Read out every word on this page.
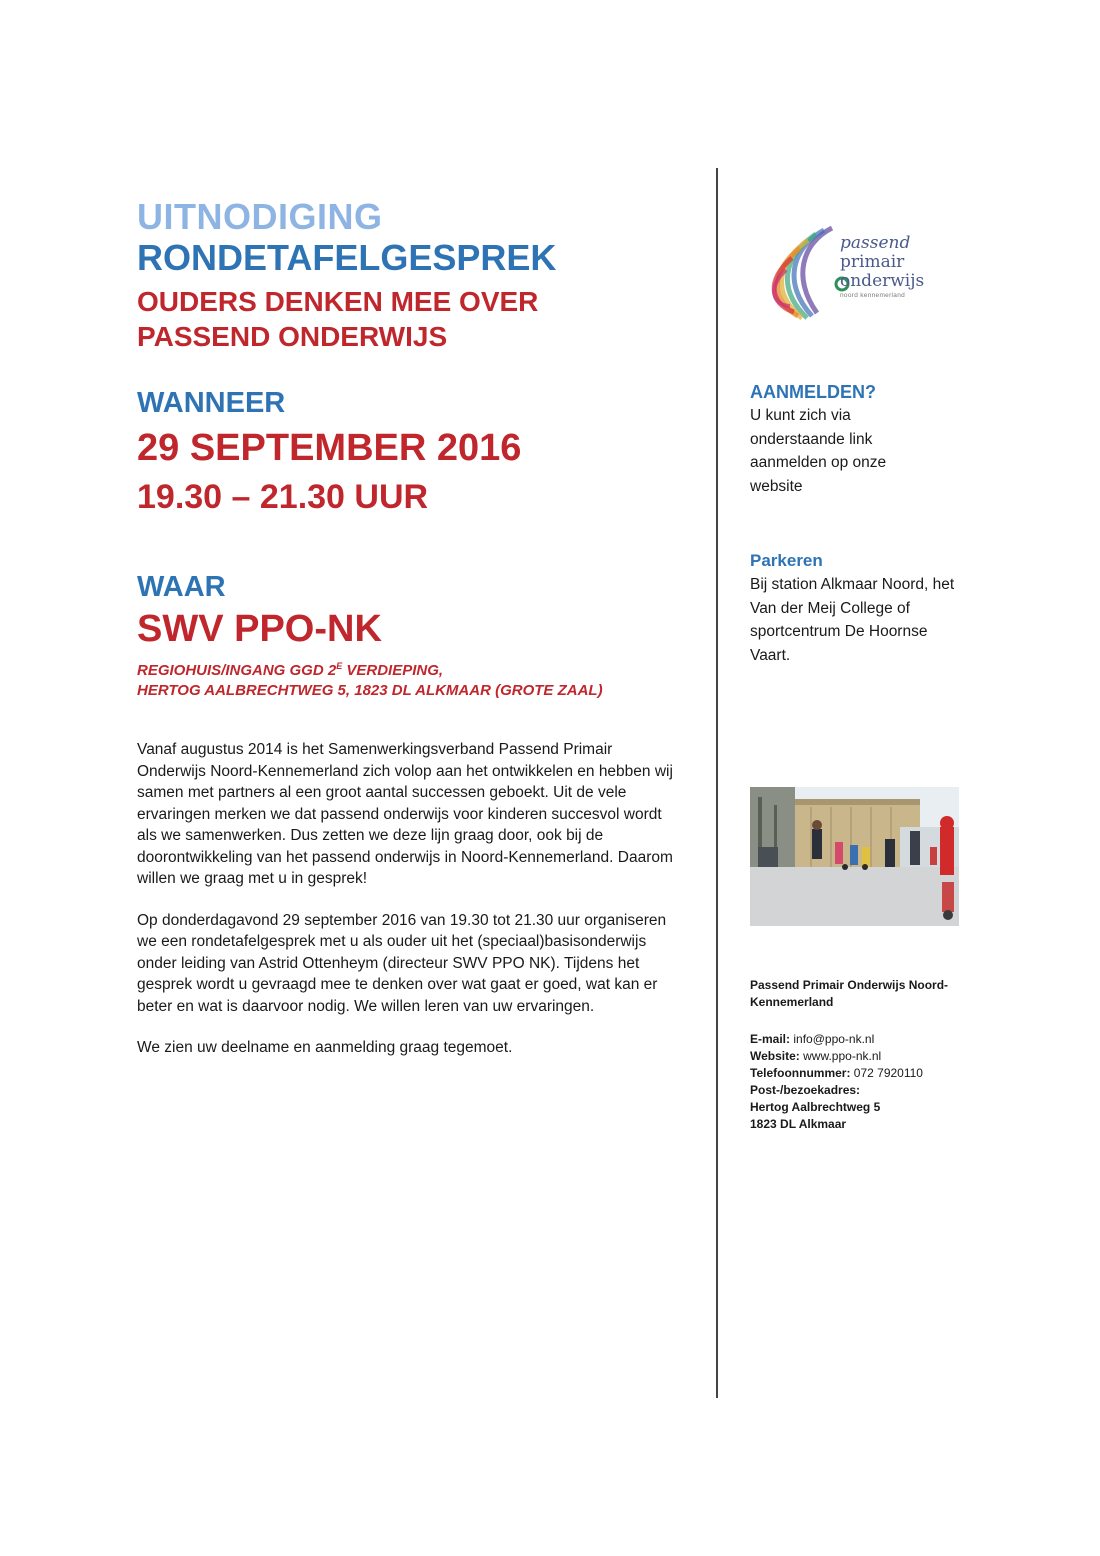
UITNODIGING
RONDETAFELGESPREK
OUDERS DENKEN MEE OVER
PASSEND ONDERWIJS
WANNEER
29 SEPTEMBER 2016
19.30 – 21.30 UUR
WAAR
SWV PPO-NK
REGIOHUIS/INGANG GGD $2^E$ VERDIEPING,
HERTOG AALBRECHTWEG 5, 1823 DL ALKMAAR (GROTE ZAAL)

Vanaf augustus 2014 is het Samenwerkingsverband Passend Primair Onderwijs Noord-Kennemerland zich volop aan het ontwikkelen en hebben wij samen met partners al een groot aantal successen geboekt. Uit de vele ervaringen merken we dat passend onderwijs voor kinderen succesvol wordt als we samenwerken. Dus zetten we deze lijn graag door, ook bij de doorontwikkeling van het passend onderwijs in Noord-Kennemerland. Daarom willen we graag met u in gesprek!

Op donderdagavond 29 september 2016 van 19.30 tot 21.30 uur organiseren we een rondetafelgesprek met u als ouder uit het (speciaal)basisonderwijs onder leiding van Astrid Ottenheym (directeur SWV PPO NK). Tijdens het gesprek wordt u gevraagd mee te denken over wat gaat er goed, wat kan er beter en wat is daarvoor nodig. We willen leren van uw ervaringen.

We zien uw deelname en aanmelding graag tegemoet.

passend
primair
onderwijs
noord kennemerland
AANMELDEN?
U kunt zich via onderstaande link aanmelden op onze website
Parkeren
Bij station Alkmaar Noord, het Van der Meij College of sportcentrum De Hoornse Vaart.
Passend Primair Onderwijs Noord-Kennemerland
E-mail: info@ppo-nk.nl
Website: www.ppo-nk.nl
Telefoonnummer: 072 7920110
Post-/bezoekadres:
Hertog Aalbrechtweg 5
1823 DL Alkmaar
